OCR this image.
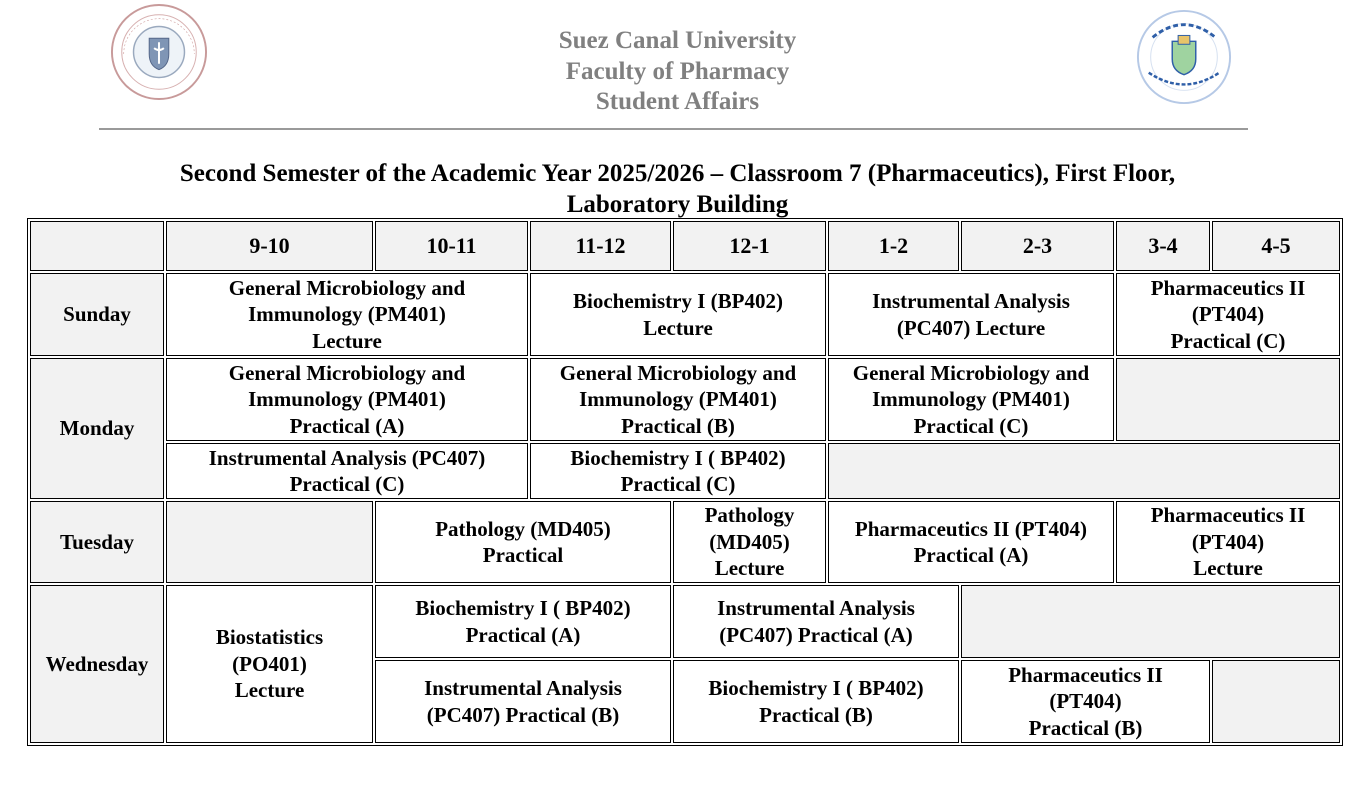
Suez Canal University
Faculty of Pharmacy
Student Affairs
Second Semester of the Academic Year 2025/2026 – Classroom 7 (Pharmaceutics), First Floor,
Laboratory Building
	9-10	10-11	11-12	12-1	1-2	2-3	3-4	4-5
Sunday	General Microbiology and
Immunology (PM401)
Lecture		Biochemistry I (BP402)
Lecture		Instrumental Analysis
(PC407) Lecture		Pharmaceutics II
(PT404)
Practical (C)	

Monday	General Microbiology and
Immunology (PM401)
Practical (A)		General Microbiology and
Immunology (PM401)
Practical (B)		General Microbiology and
Immunology (PM401)
Practical (C)			

	Instrumental Analysis (PC407)
Practical (C)		Biochemistry I ( BP402)
Practical (C)					

Tuesday		Pathology (MD405)
Practical		Pathology
(MD405)
Lecture	Pharmaceutics II (PT404)
Practical (A)		Pharmaceutics II
(PT404)
Lecture	

Wednesday	Biostatistics
(PO401)
Lecture	Biochemistry I ( BP402)
Practical (A)		Instrumental Analysis
(PC407) Practical (A)				

		Instrumental Analysis
(PC407) Practical (B)		Biochemistry I ( BP402)
Practical (B)		Pharmaceutics II
(PT404)
Practical (B)		
